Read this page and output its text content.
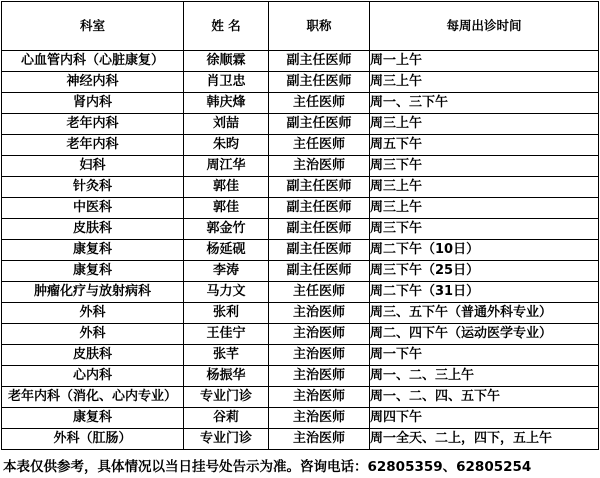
科室	姓 名	职称	每周出诊时间
心血管内科（心脏康复）	徐顺霖	副主任医师	周一上午
神经内科	肖卫忠	副主任医师	周三上午
肾内科	韩庆烽	主任医师	周一、三下午
老年内科	刘喆	副主任医师	周三上午
老年内科	朱昀	主任医师	周五下午
妇科	周江华	主治医师	周三下午
针灸科	郭佳	副主任医师	周三上午
中医科	郭佳	副主任医师	周三上午
皮肤科	郭金竹	副主任医师	周三下午
康复科	杨延砚	副主任医师	周二下午（10日）
康复科	李涛	副主任医师	周三下午（25日）
肿瘤化疗与放射病科	马力文	主任医师	周二下午（31日）
外科	张利	主治医师	周三、五下午（普通外科专业）
外科	王佳宁	主治医师	周二、四下午（运动医学专业）
皮肤科	张芊	主治医师	周一下午
心内科	杨振华	主治医师	周一、二、三上午
老年内科（消化、心内专业）	专业门诊	主治医师	周一、二、四、五下午
康复科	谷莉	主治医师	周四下午
外科（肛肠）	专业门诊	主治医师	周一全天、二上，四下，五上午
本表仅供参考，具体情况以当日挂号处告示为准。咨询电话：62805359、62805254
